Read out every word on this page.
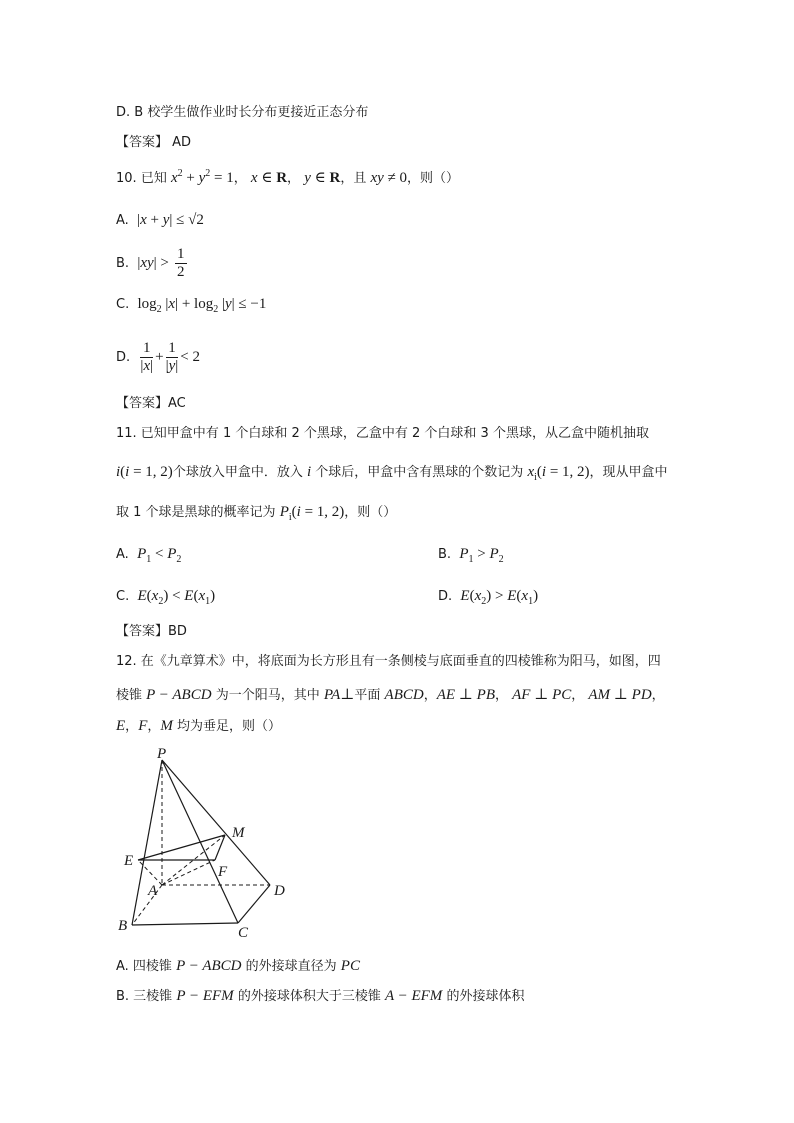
D. B 校学生做作业时长分布更接近正态分布
【答案】 AD
10. 已知 $x^2 + y^2 = 1$， x ∈ R， y ∈ R，且 xy ≠ 0，则（）
A. |x + y| ≤ √2
B. $|xy| > \frac{1}{2}$
C. $\log_2 |x| + \log_2 |y| \le -1$
D. $\frac{1}{|x|} + \frac{1}{|y|} < 2$
【答案】AC
11. 已知甲盒中有 1 个白球和 2 个黑球，乙盒中有 2 个白球和 3 个黑球，从乙盒中随机抽取
i(i = 1, 2)个球放入甲盒中．放入 i 个球后，甲盒中含有黑球的个数记为 $x_i(i = 1$, 2)，现从甲盒中
取 1 个球是黑球的概率记为 $P_i(i = 1$, 2)，则（）
A. $P_1 < P_2$	B. $P_1 > P_2$
C. $E(x_2) < E(x_1)$	D. $E(x_2) > E(x_1)$
【答案】BD
12. 在《九章算术》中，将底面为长方形且有一条侧棱与底面垂直的四棱锥称为阳马，如图，四
棱锥 P − ABCD 为一个阳马，其中 PA⊥平面 ABCD，AE ⊥ PB， AF ⊥ PC， AM ⊥ PD，
E，F，M 均为垂足，则（）
P
M
E
F
A	D
B	C
A. 四棱锥 P − ABCD 的外接球直径为 PC
B. 三棱锥 P − EFM 的外接球体积大于三棱锥 A − EFM 的外接球体积
